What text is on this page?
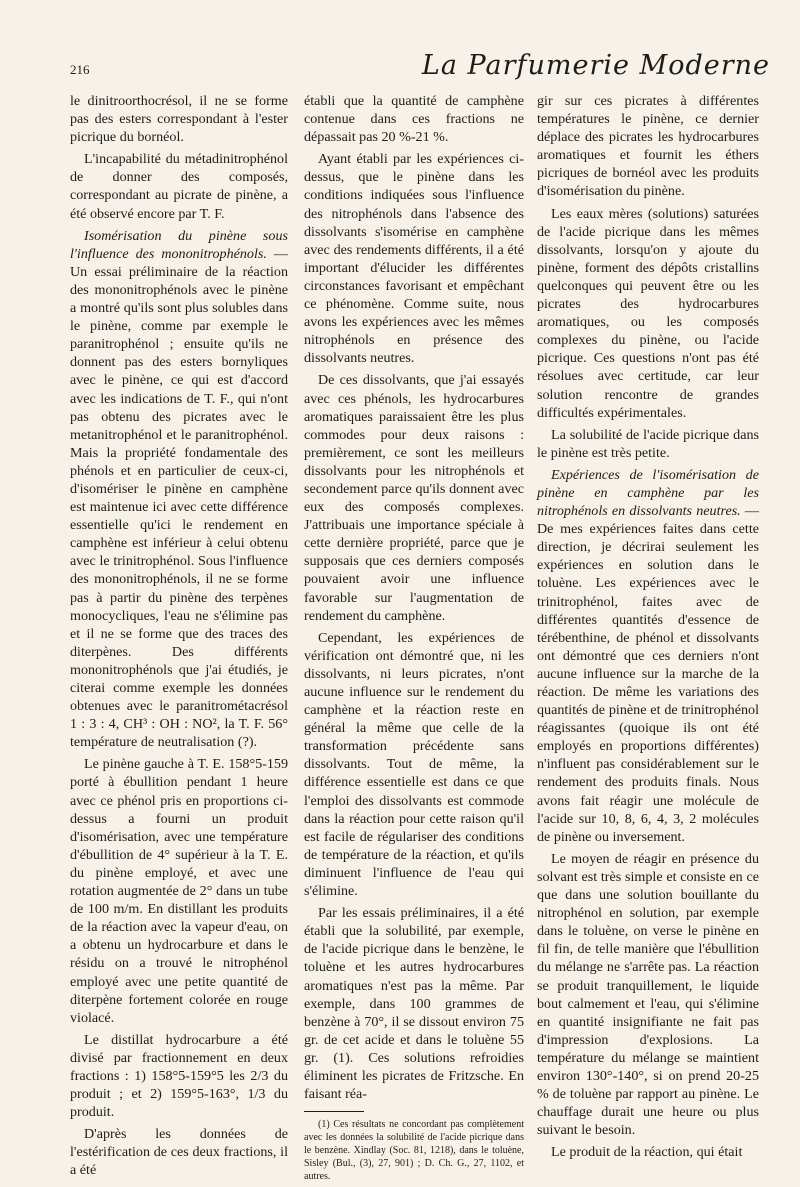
216	La Parfumerie Moderne

le dinitroorthocrésol, il ne se forme pas des esters correspondant à l'ester picrique du bornéol.

L'incapabilité du métadinitrophénol de donner des composés, correspondant au picrate de pinène, a été observé encore par T. F.

Isomérisation du pinène sous l'influence des mononitrophénols. — Un essai préliminaire de la réaction des mononitrophénols avec le pinène a montré qu'ils sont plus solubles dans le pinène, comme par exemple le paranitrophénol ; ensuite qu'ils ne donnent pas des esters bornyliques avec le pinène, ce qui est d'accord avec les indications de T. F., qui n'ont pas obtenu des picrates avec le metanitrophénol et le paranitrophénol. Mais la propriété fondamentale des phénols et en particulier de ceux-ci, d'isomériser le pinène en camphène est maintenue ici avec cette différence essentielle qu'ici le rendement en camphène est inférieur à celui obtenu avec le trinitrophénol. Sous l'influence des mononitrophénols, il ne se forme pas à partir du pinène des terpènes monocycliques, l'eau ne s'élimine pas et il ne se forme que des traces des diterpènes. Des différents mononitrophénols que j'ai étudiés, je citerai comme exemple les données obtenues avec le paranitrométacrésol 1 : 3 : 4, CH³ : OH : NO², la T. F. 56° température de neutralisation (?).

Le pinène gauche à T. E. 158°5-159 porté à ébullition pendant 1 heure avec ce phénol pris en proportions ci-dessus a fourni un produit d'isomérisation, avec une température d'ébullition de 4° supérieur à la T. E. du pinène employé, et avec une rotation augmentée de 2° dans un tube de 100 m/m. En distillant les produits de la réaction avec la vapeur d'eau, on a obtenu un hydrocarbure et dans le résidu on a trouvé le nitrophénol employé avec une petite quantité de diterpène fortement colorée en rouge violacé.

Le distillat hydrocarbure a été divisé par fractionnement en deux fractions : 1) 158°5-159°5 les 2/3 du produit ; et 2) 159°5-163°, 1/3 du produit.

D'après les données de l'estérification de ces deux fractions, il a été

établi que la quantité de camphène contenue dans ces fractions ne dépassait pas 20 %-21 %.

Ayant établi par les expériences ci-dessus, que le pinène dans les conditions indiquées sous l'influence des nitrophénols dans l'absence des dissolvants s'isomérise en camphène avec des rendements différents, il a été important d'élucider les différentes circonstances favorisant et empêchant ce phénomène. Comme suite, nous avons les expériences avec les mêmes nitrophénols en présence des dissolvants neutres.

De ces dissolvants, que j'ai essayés avec ces phénols, les hydrocarbures aromatiques paraissaient être les plus commodes pour deux raisons : premièrement, ce sont les meilleurs dissolvants pour les nitrophénols et secondement parce qu'ils donnent avec eux des composés complexes. J'attribuais une importance spéciale à cette dernière propriété, parce que je supposais que ces derniers composés pouvaient avoir une influence favorable sur l'augmentation de rendement du camphène.

Cependant, les expériences de vérification ont démontré que, ni les dissolvants, ni leurs picrates, n'ont aucune influence sur le rendement du camphène et la réaction reste en général la même que celle de la transformation précédente sans dissolvants. Tout de même, la différence essentielle est dans ce que l'emploi des dissolvants est commode dans la réaction pour cette raison qu'il est facile de régulariser des conditions de température de la réaction, et qu'ils diminuent l'influence de l'eau qui s'élimine.

Par les essais préliminaires, il a été établi que la solubilité, par exemple, de l'acide picrique dans le benzène, le toluène et les autres hydrocarbures aromatiques n'est pas la même. Par exemple, dans 100 grammes de benzène à 70°, il se dissout environ 75 gr. de cet acide et dans le toluène 55 gr. (1). Ces solutions refroidies éliminent les picrates de Fritzsche. En faisant réa-

(1) Ces résultats ne concordant pas complètement avec les données la solubilité de l'acide picrique dans le benzène. Xindlay (Soc. 81, 1218), dans le toluène, Sisley (Bul., (3), 27, 901) ; D. Ch. G., 27, 1102, et autres.

gir sur ces picrates à différentes températures le pinène, ce dernier déplace des picrates les hydrocarbures aromatiques et fournit les éthers picriques de bornéol avec les produits d'isomérisation du pinène.

Les eaux mères (solutions) saturées de l'acide picrique dans les mêmes dissolvants, lorsqu'on y ajoute du pinène, forment des dépôts cristallins quelconques qui peuvent être ou les picrates des hydrocarbures aromatiques, ou les composés complexes du pinène, ou l'acide picrique. Ces questions n'ont pas été résolues avec certitude, car leur solution rencontre de grandes difficultés expérimentales.

La solubilité de l'acide picrique dans le pinène est très petite.

Expériences de l'isomérisation de pinène en camphène par les nitrophénols en dissolvants neutres. — De mes expériences faites dans cette direction, je décrirai seulement les expériences en solution dans le toluène. Les expériences avec le trinitrophénol, faites avec de différentes quantités d'essence de térébenthine, de phénol et dissolvants ont démontré que ces derniers n'ont aucune influence sur la marche de la réaction. De même les variations des quantités de pinène et de trinitrophénol réagissantes (quoique ils ont été employés en proportions différentes) n'influent pas considérablement sur le rendement des produits finals. Nous avons fait réagir une molécule de l'acide sur 10, 8, 6, 4, 3, 2 molécules de pinène ou inversement.

Le moyen de réagir en présence du solvant est très simple et consiste en ce que dans une solution bouillante du nitrophénol en solution, par exemple dans le toluène, on verse le pinène en fil fin, de telle manière que l'ébullition du mélange ne s'arrête pas. La réaction se produit tranquillement, le liquide bout calmement et l'eau, qui s'élimine en quantité insignifiante ne fait pas d'impression d'explosions. La température du mélange se maintient environ 130°-140°, si on prend 20-25 % de toluène par rapport au pinène. Le chauffage durait une heure ou plus suivant le besoin.

Le produit de la réaction, qui était
